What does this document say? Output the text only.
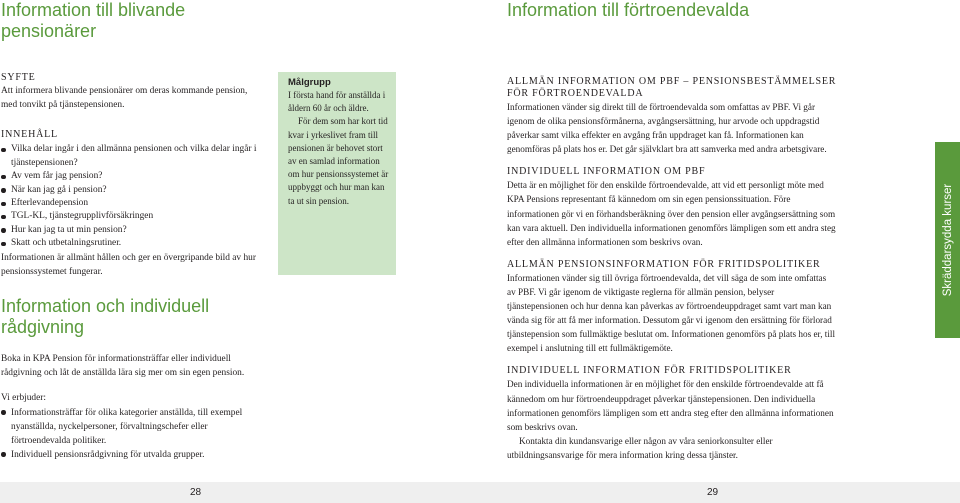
Information till blivande pensionärer
Information till förtroendevalda
SYFTE

Att informera blivande pensionärer om deras kommande pension, med tonvikt på tjänstepensionen.

INNEHÅLL
Vilka delar ingår i den allmänna pensionen och vilka delar ingår i tjänstepensionen?
Av vem får jag pension?
När kan jag gå i pension?
Efterlevandepension
TGL-KL, tjänstegrupplivförsäkringen
Hur kan jag ta ut min pension?
Skatt och utbetalningsrutiner.

Informationen är allmänt hållen och ger en övergripande bild av hur pensionssystemet fungerar.

Information och individuell rådgivning

Boka in KPA Pension för informationsträffar eller individuell rådgivning och låt de anställda lära sig mer om sin egen pension.

Vi erbjuder:

Informationsträffar för olika kategorier anställda, till exempel nyanställda, nyckelpersoner, förvaltningschefer eller förtroendevalda politiker.
Individuell pensionsrådgivning för utvalda grupper.
Målgrupp

I första hand för anställda i åldern 60 år och äldre.

För dem som har kort tid kvar i yrkeslivet fram till pensionen är behovet stort av en samlad information om hur pensionssystemet är uppbyggt och hur man kan ta ut sin pension.

ALLMÄN INFORMATION OM PBF – PENSIONSBESTÄMMELSER FÖR FÖRTROENDEVALDA

Informationen vänder sig direkt till de förtroendevalda som omfattas av PBF. Vi går igenom de olika pensionsförmånerna, avgångsersättning, hur arvode och uppdragstid påverkar samt vilka effekter en avgång från uppdraget kan få. Informationen kan genomföras på plats hos er. Det går självklart bra att samverka med andra arbetsgivare.

INDIVIDUELL INFORMATION OM PBF

Detta är en möjlighet för den enskilde förtroendevalde, att vid ett personligt möte med KPA Pensions representant få kännedom om sin egen pensionssituation. Före informationen gör vi en förhandsberäkning över den pension eller avgångsersättning som kan vara aktuell. Den individuella informationen genomförs lämpligen som ett andra steg efter den allmänna informationen som beskrivs ovan.

ALLMÄN PENSIONSINFORMATION FÖR FRITIDSPOLITIKER

Informationen vänder sig till övriga förtroendevalda, det vill säga de som inte omfattas av PBF. Vi går igenom de viktigaste reglerna för allmän pension, belyser tjänstepensionen och hur denna kan påverkas av förtroendeuppdraget samt vart man kan vända sig för att få mer information. Dessutom går vi igenom den ersättning för förlorad tjänstepension som fullmäktige beslutat om. Informationen genomförs på plats hos er, till exempel i anslutning till ett fullmäktigemöte.

INDIVIDUELL INFORMATION FÖR FRITIDSPOLITIKER

Den individuella informationen är en möjlighet för den enskilde förtroendevalde att få kännedom om hur förtroendeuppdraget påverkar tjänstepensionen. Den individuella informationen genomförs lämpligen som ett andra steg efter den allmänna informationen som beskrivs ovan.

Kontakta din kundansvarige eller någon av våra seniorkonsulter eller utbildningsansvarige för mera information kring dessa tjänster.

Skräddarsydda kurser
28	29
